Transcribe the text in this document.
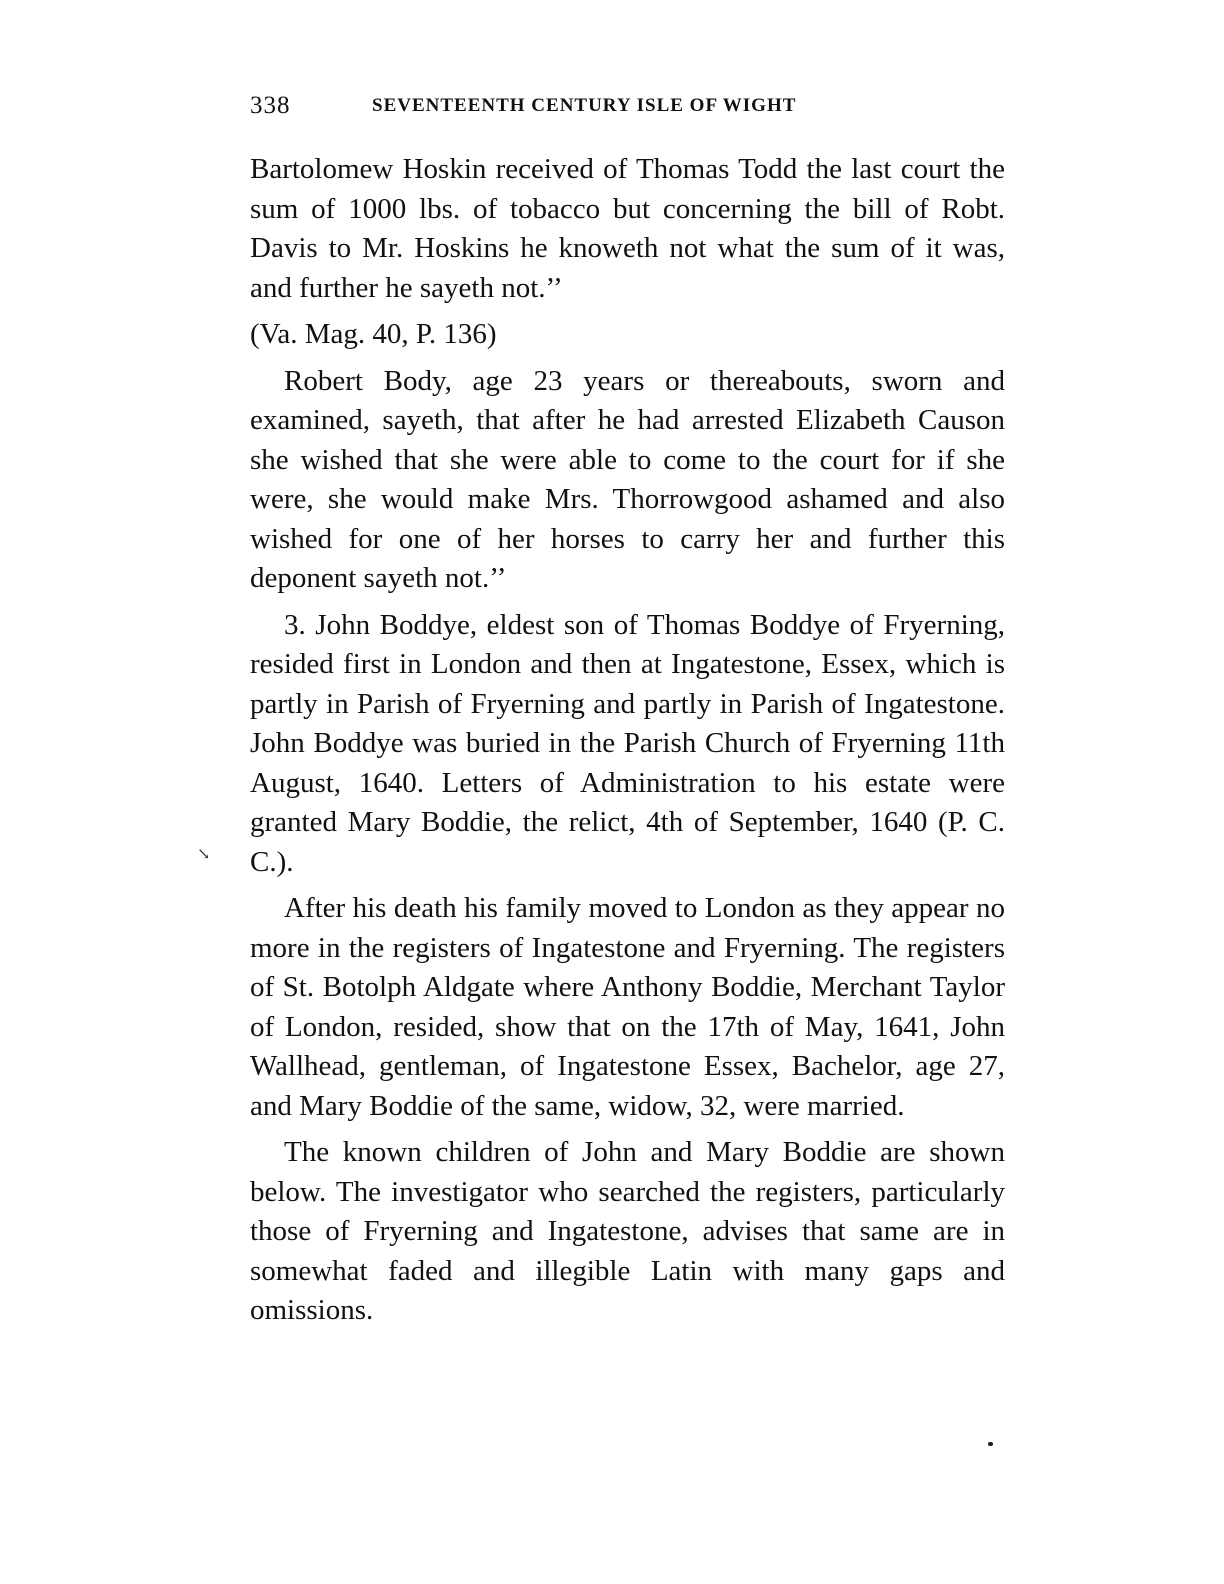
338	SEVENTEENTH CENTURY ISLE OF WIGHT

Bartolomew Hoskin received of Thomas Todd the last court the sum of 1000 lbs. of tobacco but concerning the bill of Robt. Davis to Mr. Hoskins he knoweth not what the sum of it was, and further he sayeth not.’’

(Va. Mag. 40, P. 136)

Robert Body, age 23 years or thereabouts, sworn and examined, sayeth, that after he had arrested Elizabeth Causon she wished that she were able to come to the court for if she were, she would make Mrs. Thorrowgood ashamed and also wished for one of her horses to carry her and further this deponent sayeth not.’’

3. John Boddye, eldest son of Thomas Boddye of Fryerning, resided first in London and then at Ingatestone, Essex, which is partly in Parish of Fryerning and partly in Parish of Ingatestone. John Boddye was buried in the Parish Church of Fryerning 11th August, 1640. Letters of Administration to his estate were granted Mary Boddie, the relict, 4th of September, 1640 (P. C. C.).

After his death his family moved to London as they appear no more in the registers of Ingatestone and Fryerning. The registers of St. Botolph Aldgate where Anthony Boddie, Merchant Taylor of London, resided, show that on the 17th of May, 1641, John Wallhead, gentleman, of Ingatestone Essex, Bachelor, age 27, and Mary Boddie of the same, widow, 32, were married.

The known children of John and Mary Boddie are shown below. The investigator who searched the registers, particularly those of Fryerning and Ingatestone, advises that same are in somewhat faded and illegible Latin with many gaps and omissions.

↘
